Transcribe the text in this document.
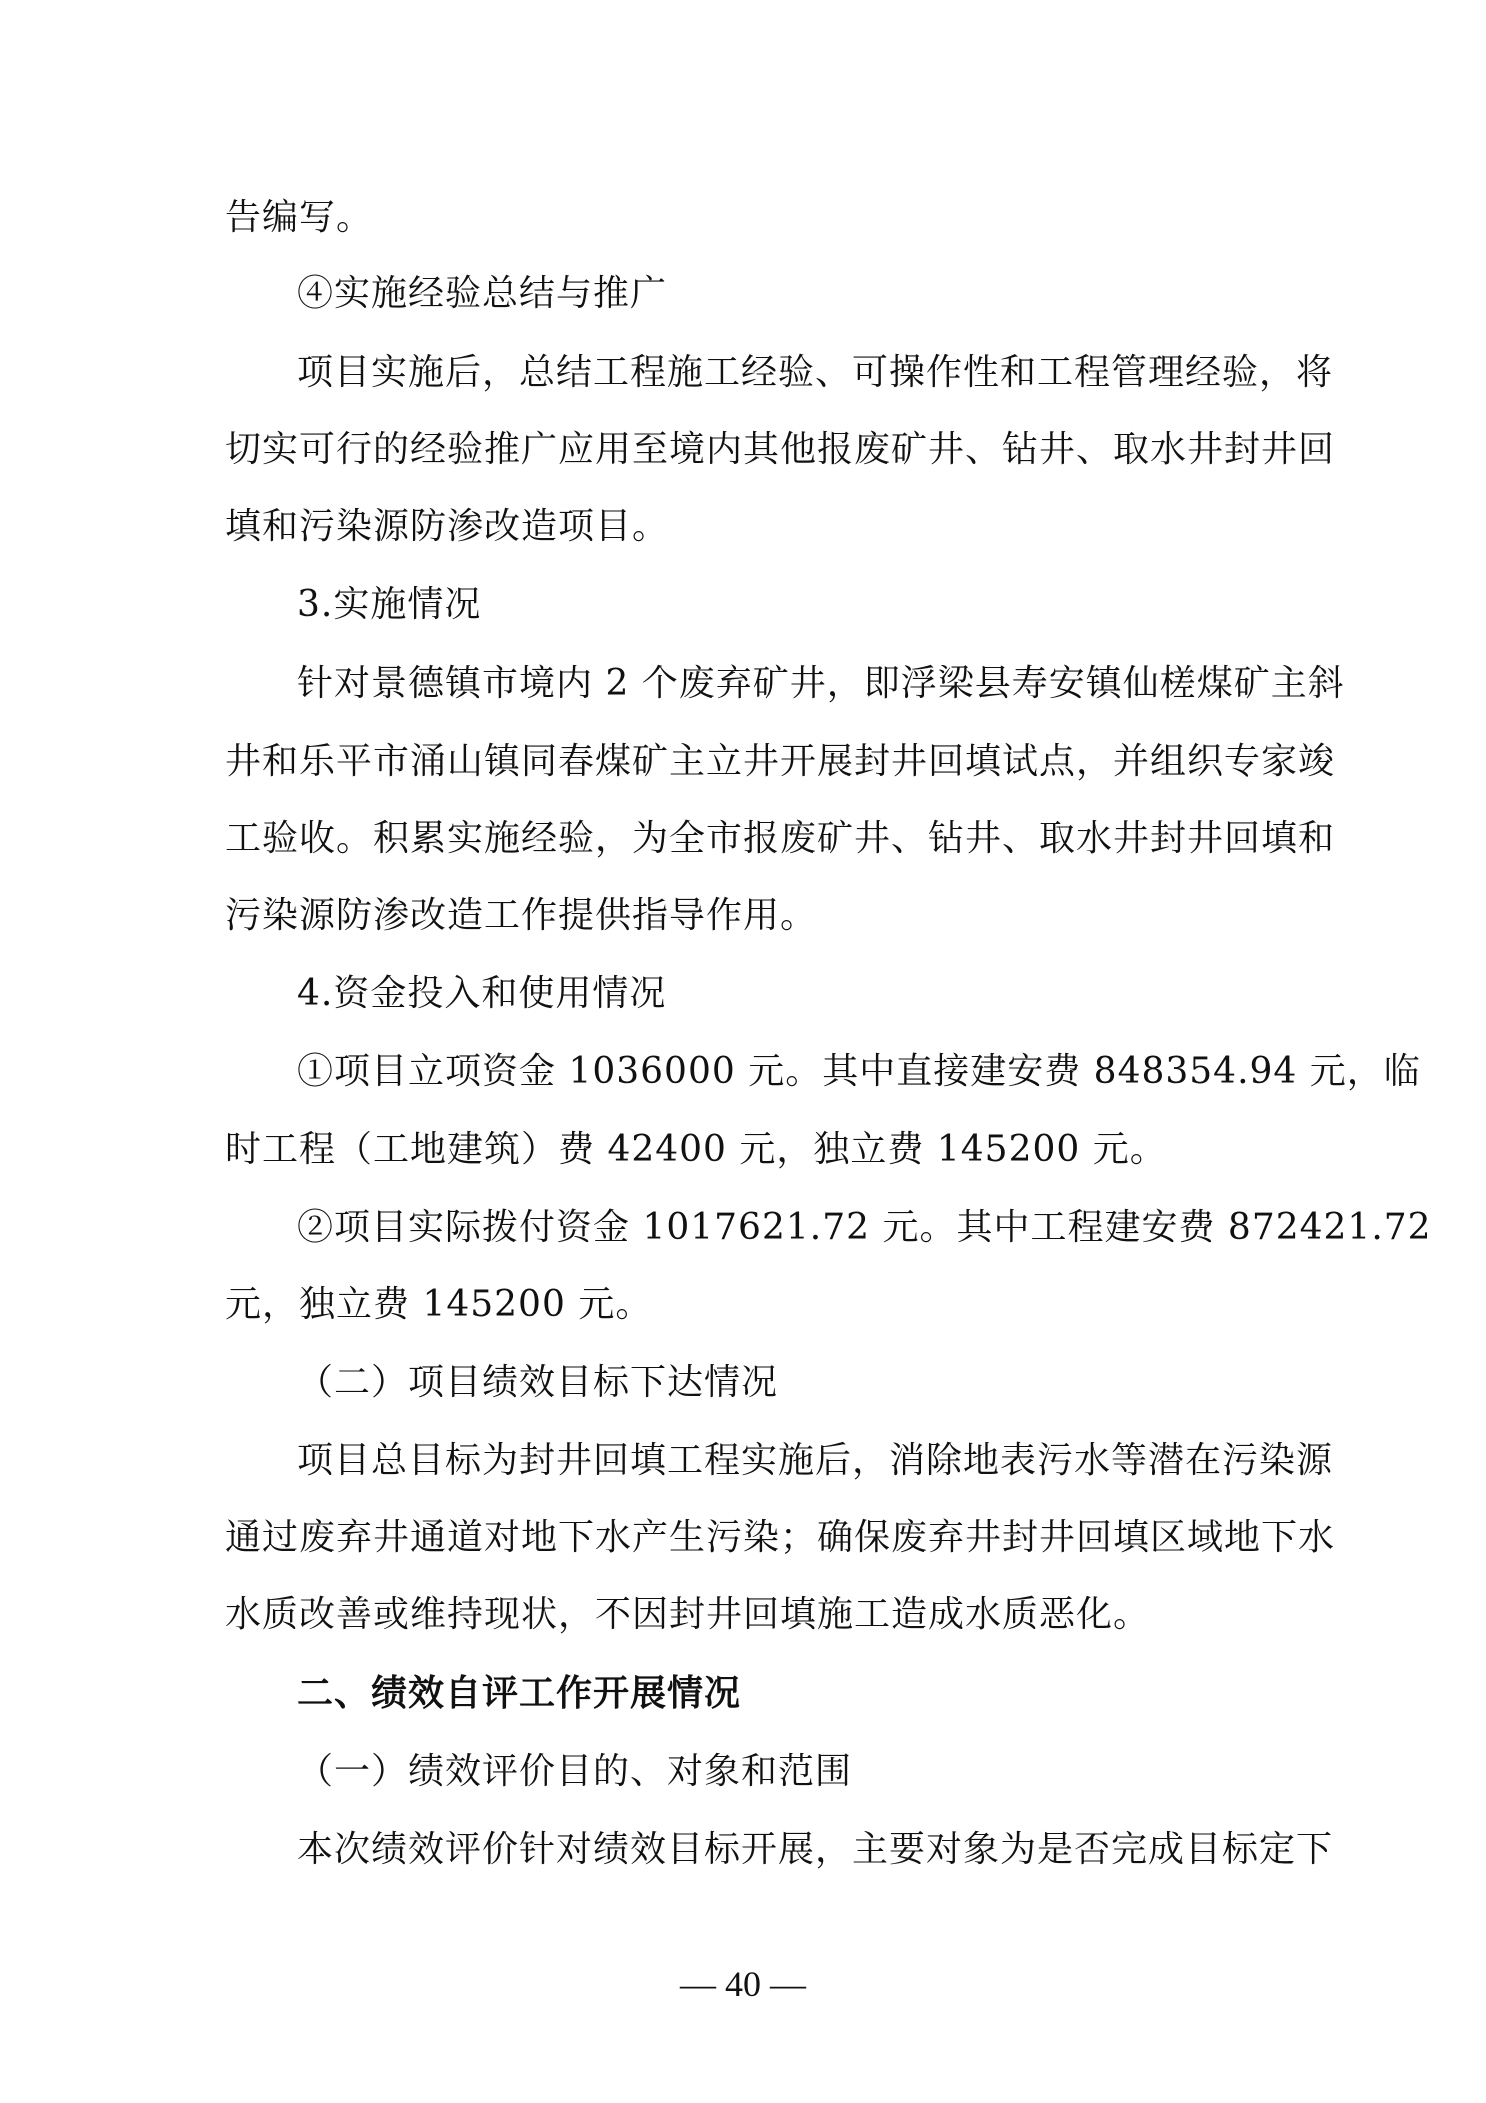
告编写。
④实施经验总结与推广
项目实施后，总结工程施工经验、可操作性和工程管理经验，将
切实可行的经验推广应用至境内其他报废矿井、钻井、取水井封井回
填和污染源防渗改造项目。
3.实施情况
针对景德镇市境内 2 个废弃矿井，即浮梁县寿安镇仙槎煤矿主斜
井和乐平市涌山镇同春煤矿主立井开展封井回填试点，并组织专家竣
工验收。积累实施经验，为全市报废矿井、钻井、取水井封井回填和
污染源防渗改造工作提供指导作用。
4.资金投入和使用情况
①项目立项资金 1036000 元。其中直接建安费 848354.94 元，临
时工程（工地建筑）费 42400 元，独立费 145200 元。
②项目实际拨付资金 1017621.72 元。其中工程建安费 872421.72
元，独立费 145200 元。
（二）项目绩效目标下达情况
项目总目标为封井回填工程实施后，消除地表污水等潜在污染源
通过废弃井通道对地下水产生污染；确保废弃井封井回填区域地下水
水质改善或维持现状，不因封井回填施工造成水质恶化。
二、绩效自评工作开展情况
（一）绩效评价目的、对象和范围
本次绩效评价针对绩效目标开展，主要对象为是否完成目标定下
— 40 —
